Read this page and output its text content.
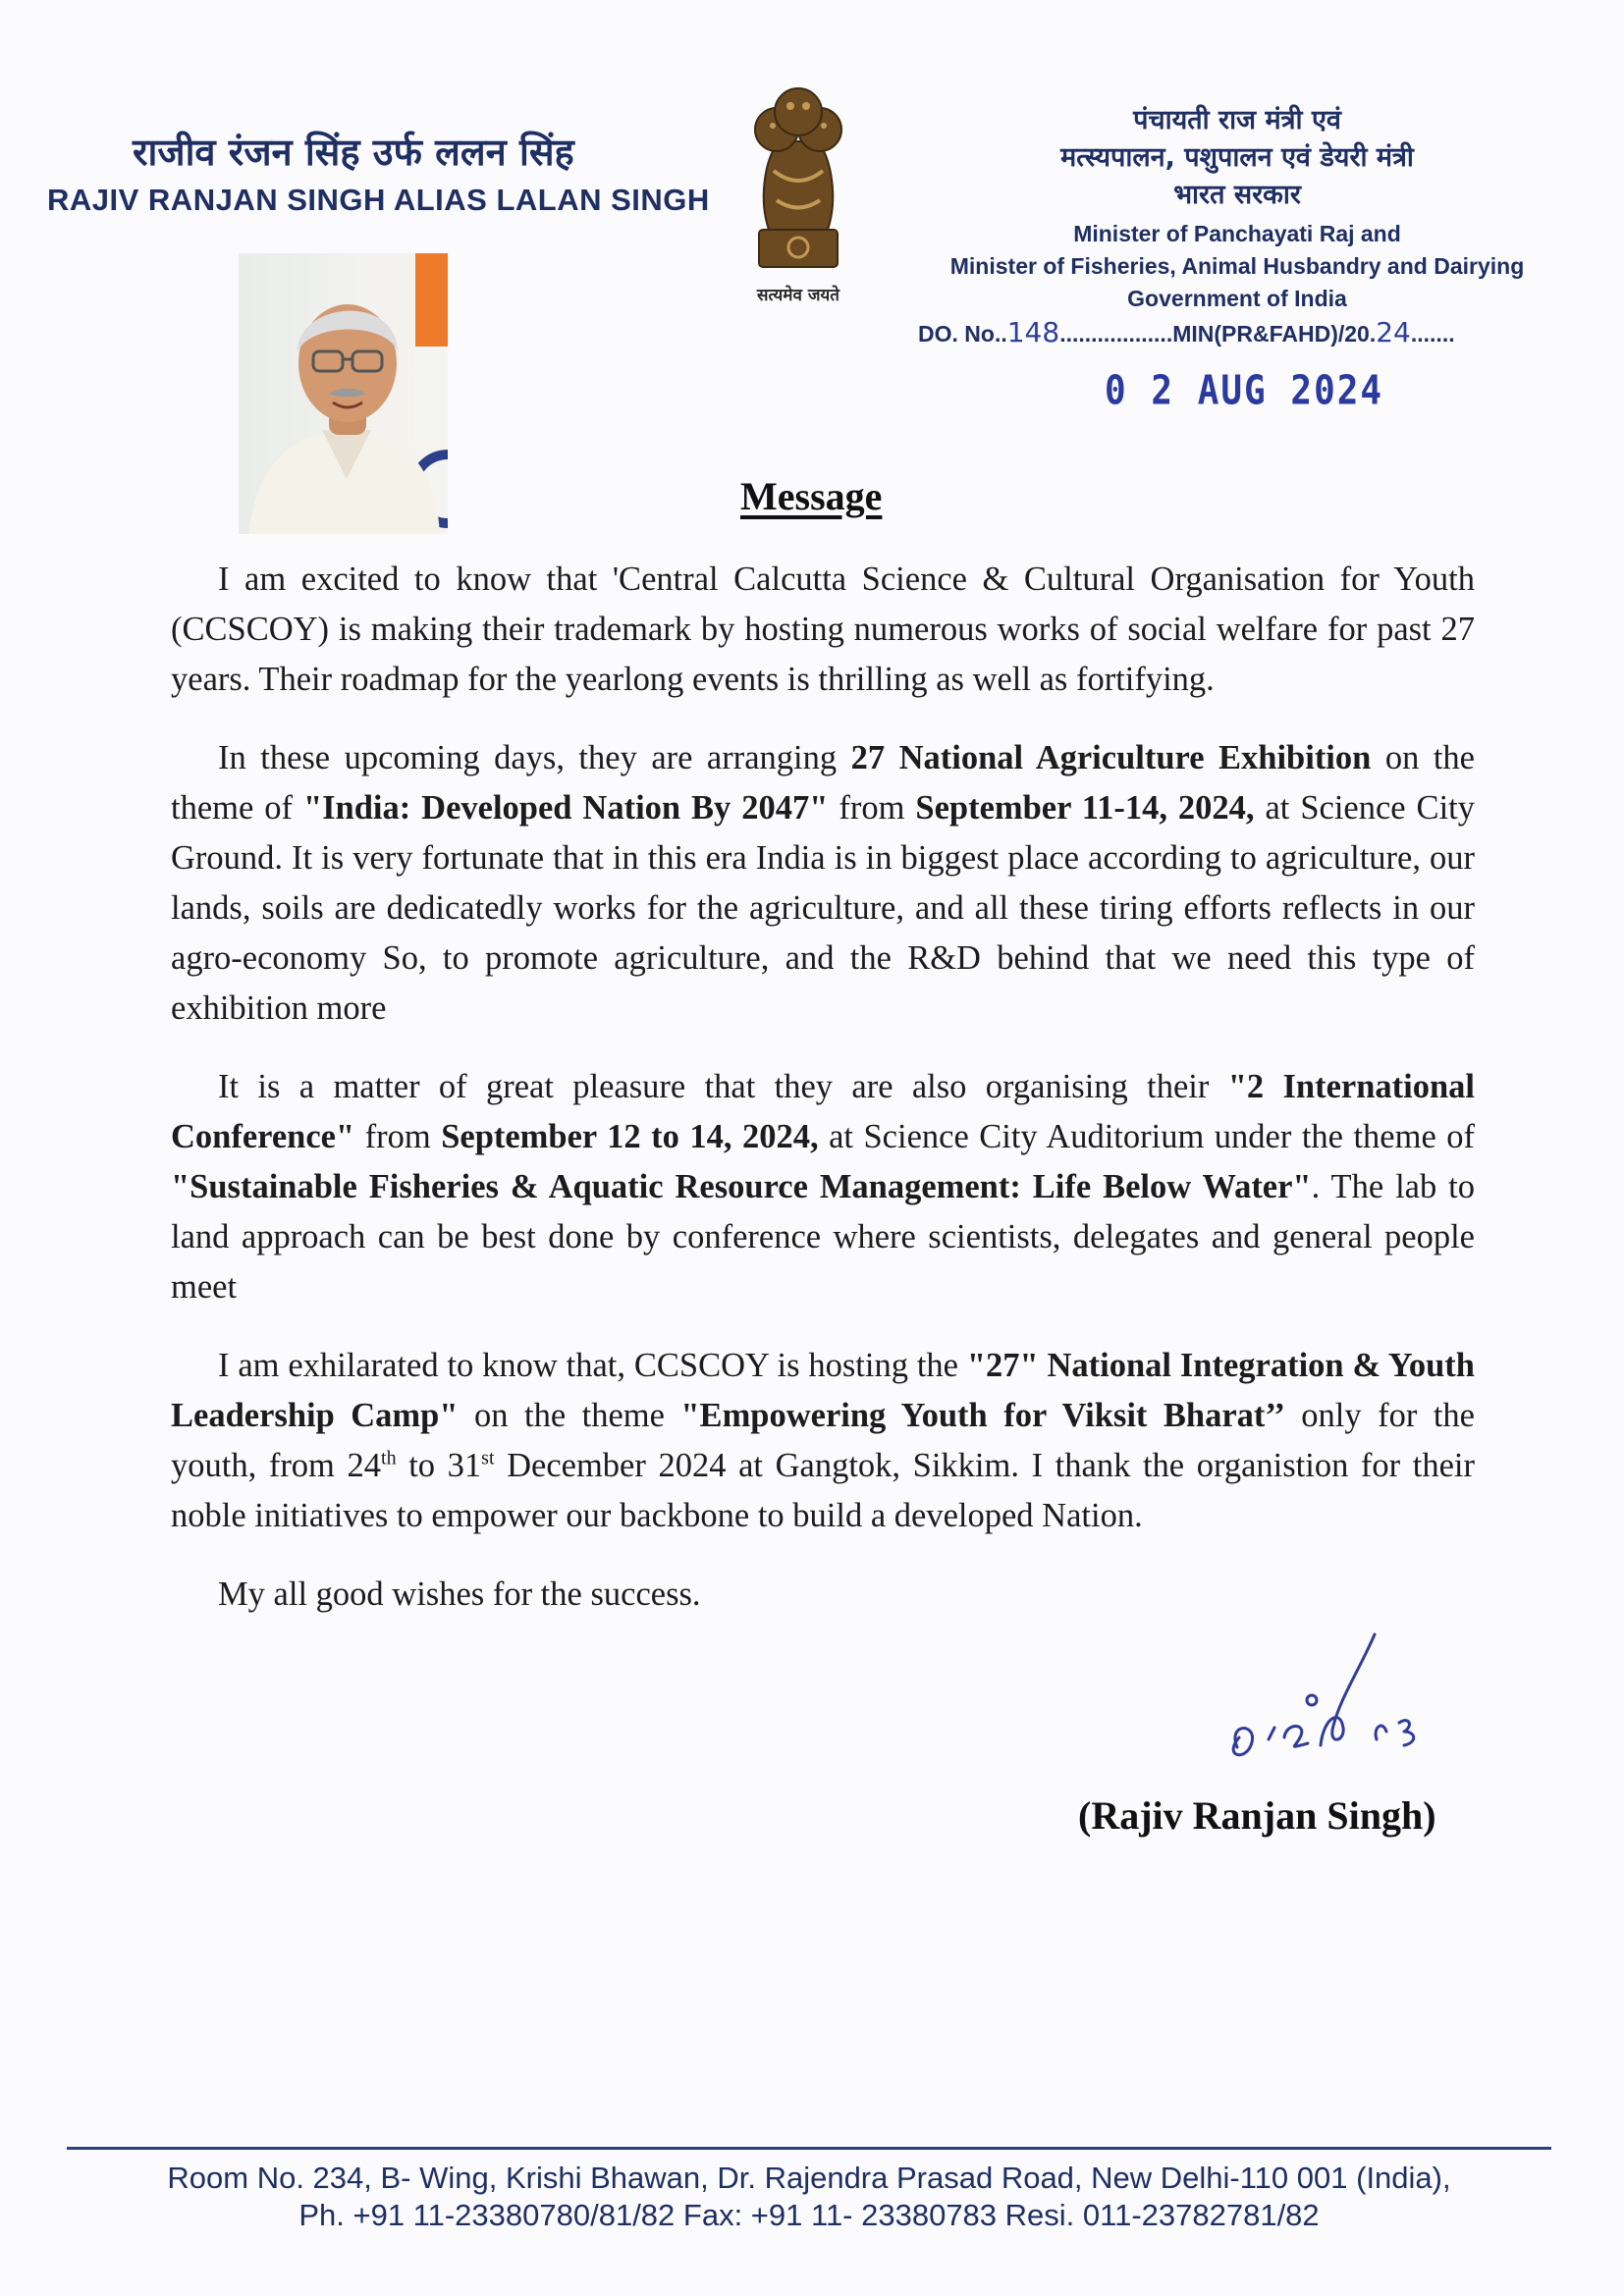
राजीव रंजन सिंह उर्फ ललन सिंह
RAJIV RANJAN SINGH ALIAS LALAN SINGH
सत्यमेव जयते
पंचायती राज मंत्री एवं
मत्स्यपालन, पशुपालन एवं डेयरी मंत्री
भारत सरकार
Minister of Panchayati Raj and
Minister of Fisheries, Animal Husbandry and Dairying
Government of India
DO. No..148..................MIN(PR&FAHD)/20.24.......
0 2 AUG 2024
Message

I am excited to know that 'Central Calcutta Science & Cultural Organisation for Youth (CCSCOY) is making their trademark by hosting numerous works of social welfare for past 27 years. Their roadmap for the yearlong events is thrilling as well as fortifying.

In these upcoming days, they are arranging 27 National Agriculture Exhibition on the theme of "India: Developed Nation By 2047" from September 11-14, 2024, at Science City Ground. It is very fortunate that in this era India is in biggest place according to agriculture, our lands, soils are dedicatedly works for the agriculture, and all these tiring efforts reflects in our agro-economy So, to promote agriculture, and the R&D behind that we need this type of exhibition more

It is a matter of great pleasure that they are also organising their "2 International Conference" from September 12 to 14, 2024, at Science City Auditorium under the theme of "Sustainable Fisheries & Aquatic Resource Management: Life Below Water". The lab to land approach can be best done by conference where scientists, delegates and general people meet

I am exhilarated to know that, CCSCOY is hosting the "27" National Integration & Youth Leadership Camp" on the theme "Empowering Youth for Viksit Bharat’’ only for the youth, from 24th to 31st December 2024 at Gangtok, Sikkim. I thank the organistion for their noble initiatives to empower our backbone to build a developed Nation.

My all good wishes for the success.

(Rajiv Ranjan Singh)
Room No. 234, B- Wing, Krishi Bhawan, Dr. Rajendra Prasad Road, New Delhi-110 001 (India),
Ph. +91 11-23380780/81/82 Fax: +91 11- 23380783 Resi. 011-23782781/82
